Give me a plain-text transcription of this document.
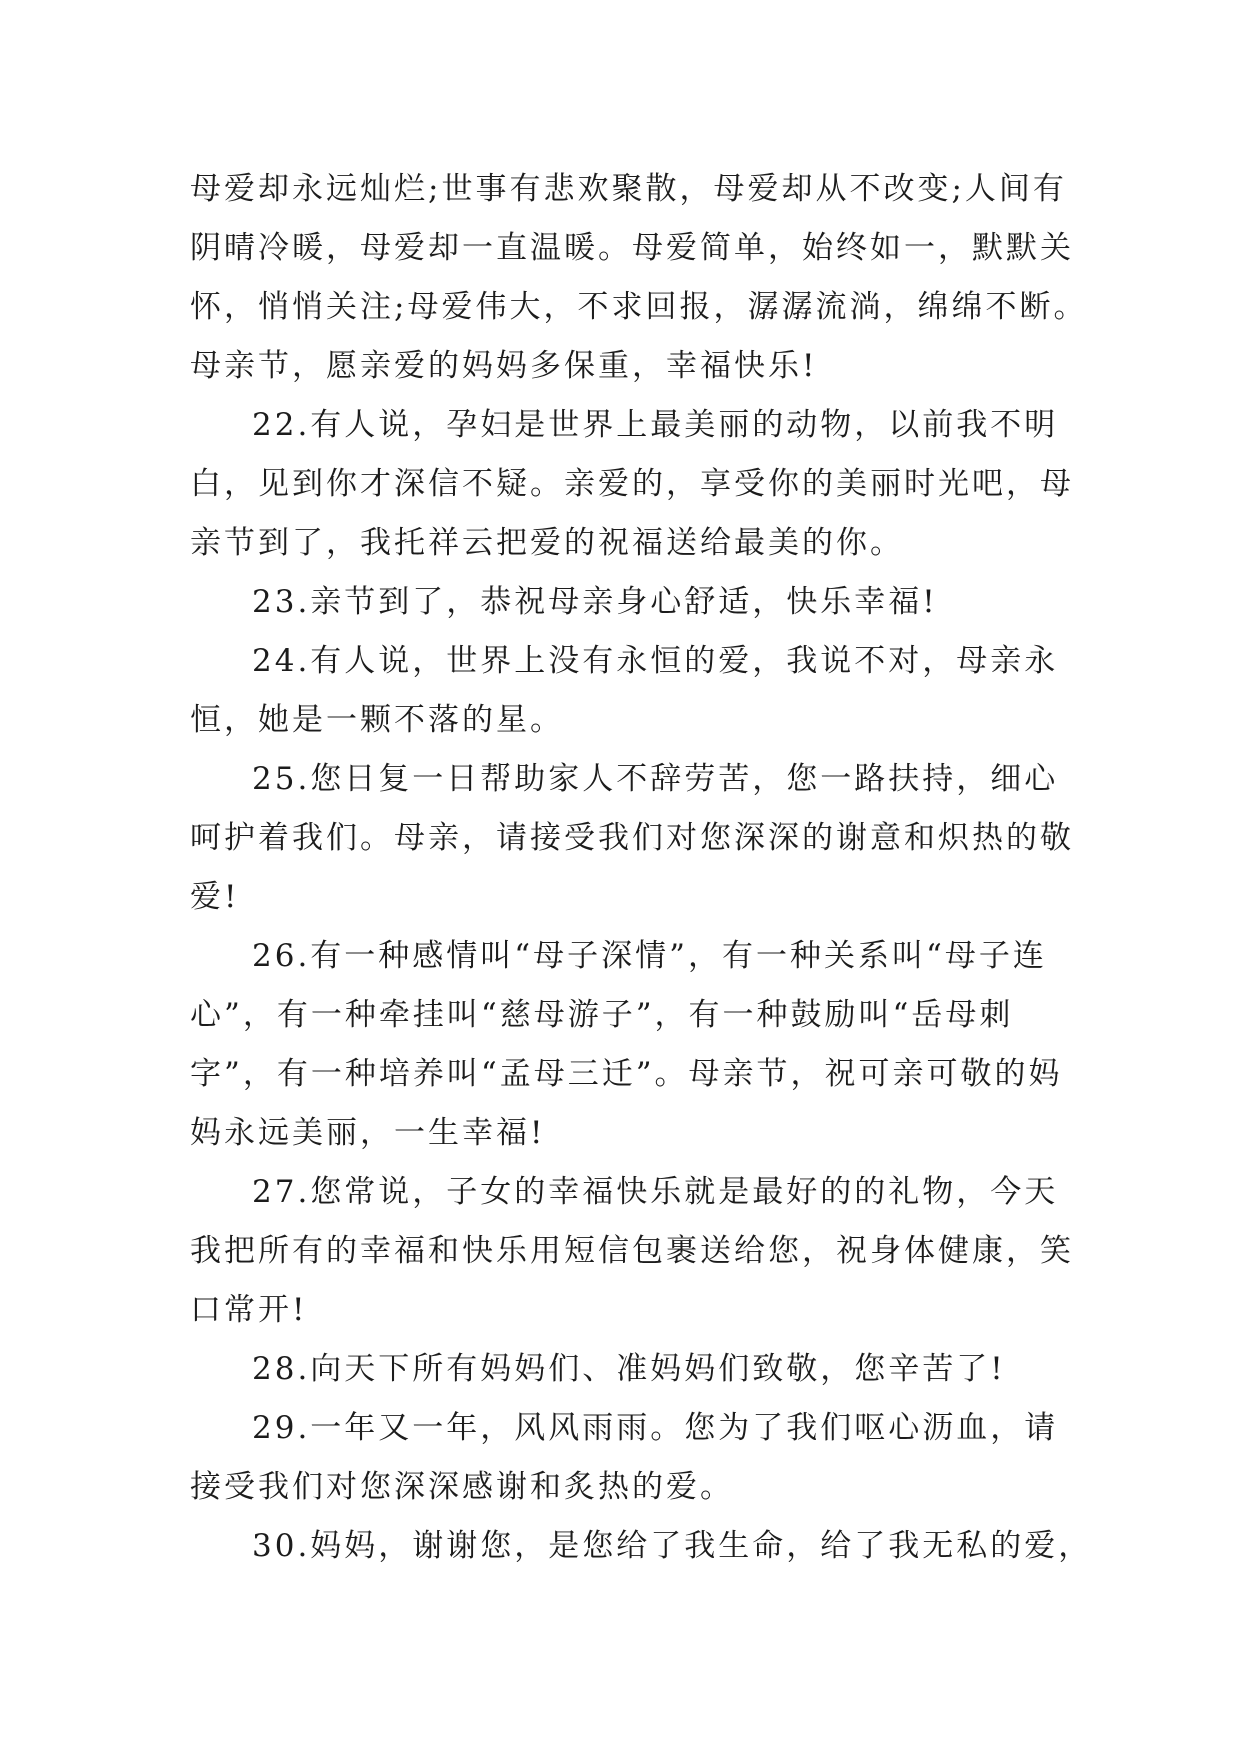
母爱却永远灿烂;世事有悲欢聚散，母爱却从不改变;人间有
阴晴冷暖，母爱却一直温暖。母爱简单，始终如一，默默关
怀，悄悄关注;母爱伟大，不求回报，潺潺流淌，绵绵不断。
母亲节，愿亲爱的妈妈多保重，幸福快乐!
22.有人说，孕妇是世界上最美丽的动物，以前我不明
白，见到你才深信不疑。亲爱的，享受你的美丽时光吧，母
亲节到了，我托祥云把爱的祝福送给最美的你。
23.亲节到了，恭祝母亲身心舒适，快乐幸福!
24.有人说，世界上没有永恒的爱，我说不对，母亲永
恒，她是一颗不落的星。
25.您日复一日帮助家人不辞劳苦，您一路扶持，细心
呵护着我们。母亲，请接受我们对您深深的谢意和炽热的敬
爱!
26.有一种感情叫“母子深情”，有一种关系叫“母子连
心”，有一种牵挂叫“慈母游子”，有一种鼓励叫“岳母刺
字”，有一种培养叫“孟母三迁”。母亲节，祝可亲可敬的妈
妈永远美丽，一生幸福!
27.您常说，子女的幸福快乐就是最好的的礼物，今天
我把所有的幸福和快乐用短信包裹送给您，祝身体健康，笑
口常开!
28.向天下所有妈妈们、准妈妈们致敬，您辛苦了!
29.一年又一年，风风雨雨。您为了我们呕心沥血，请
接受我们对您深深感谢和炙热的爱。
30.妈妈，谢谢您，是您给了我生命，给了我无私的爱，
